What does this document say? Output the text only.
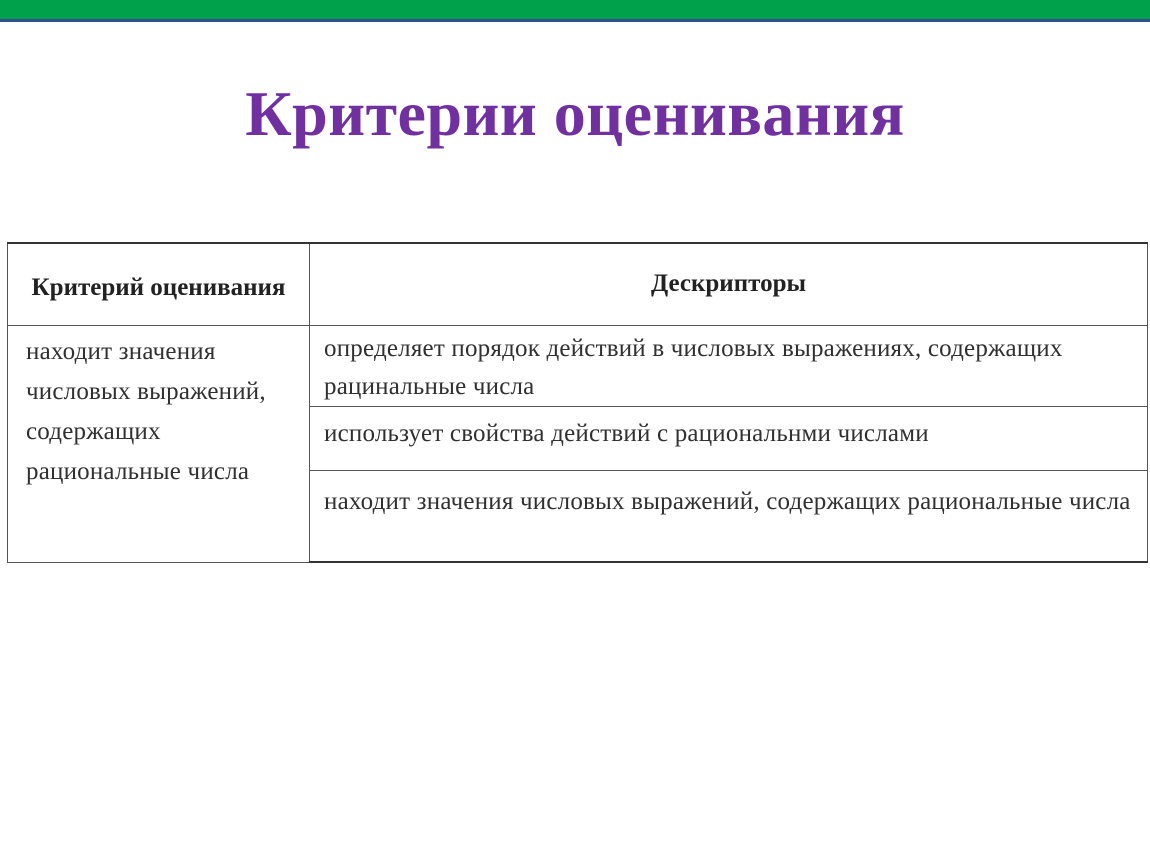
Критерии оценивания
Критерий оценивания	Дескрипторы
находит значения числовых выражений, содержащих рациональные числа	определяет порядок действий в числовых выражениях, содержащих рацинальные числа
	использует свойства действий с рациональнми числами
	находит значения числовых выражений, содержащих рациональные числа
